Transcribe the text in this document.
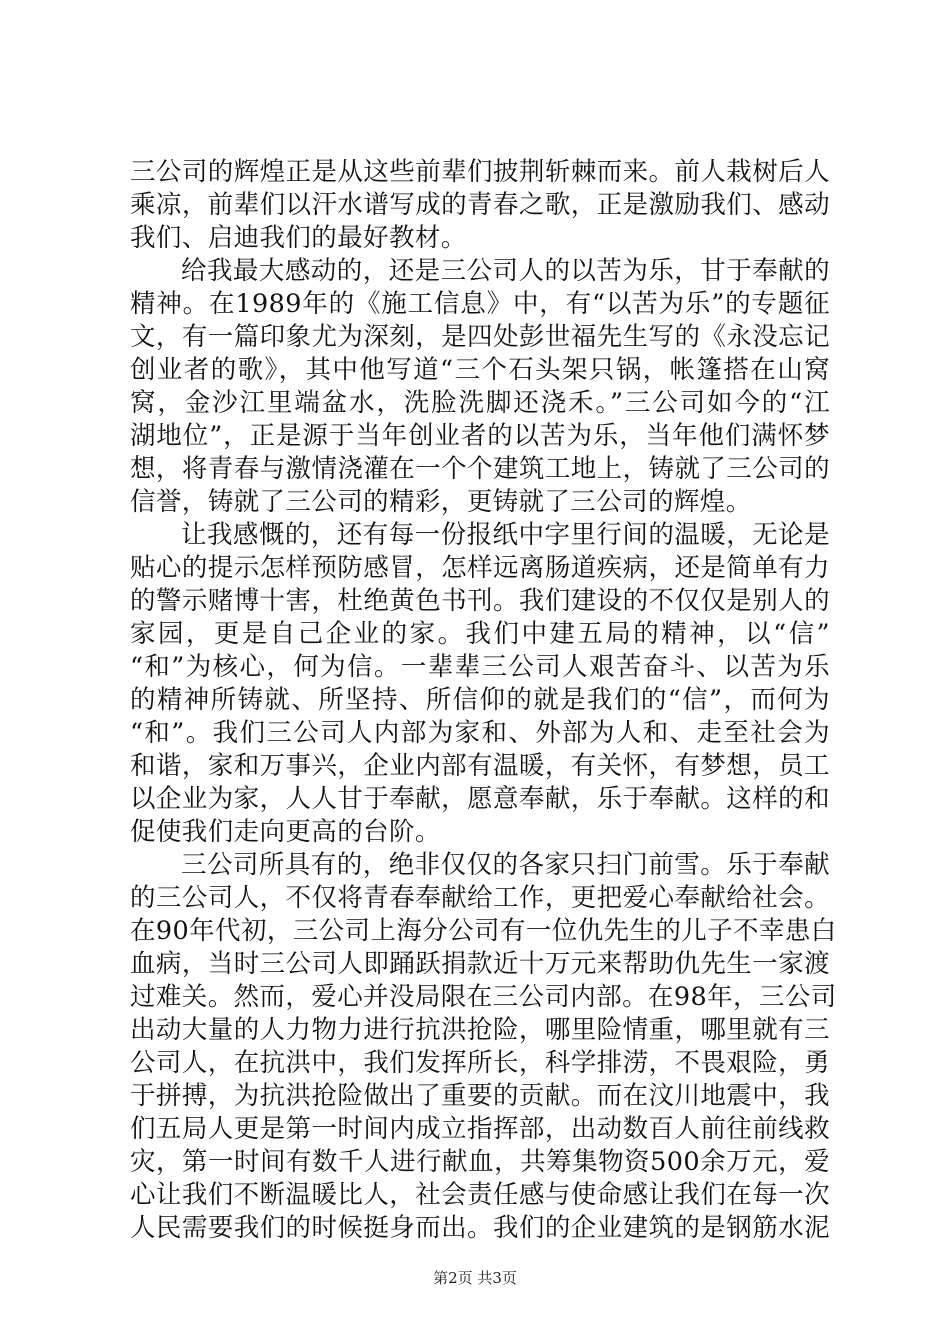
三公司的辉煌正是从这些前辈们披荆斩棘而来。前人栽树后人
乘凉，前辈们以汗水谱写成的青春之歌，正是激励我们、感动
我们、启迪我们的最好教材。
给我最大感动的，还是三公司人的以苦为乐，甘于奉献的
精神。在1989年的《施工信息》中，有“以苦为乐”的专题征
文，有一篇印象尤为深刻，是四处彭世福先生写的《永没忘记
创业者的歌》，其中他写道“三个石头架只锅，帐篷搭在山窝
窝，金沙江里端盆水，洗脸洗脚还浇禾。”三公司如今的“江
湖地位”，正是源于当年创业者的以苦为乐，当年他们满怀梦
想，将青春与激情浇灌在一个个建筑工地上，铸就了三公司的
信誉，铸就了三公司的精彩，更铸就了三公司的辉煌。
让我感慨的，还有每一份报纸中字里行间的温暖，无论是
贴心的提示怎样预防感冒，怎样远离肠道疾病，还是简单有力
的警示赌博十害，杜绝黄色书刊。我们建设的不仅仅是别人的
家园，更是自己企业的家。我们中建五局的精神，以“信”
“和”为核心，何为信。一辈辈三公司人艰苦奋斗、以苦为乐
的精神所铸就、所坚持、所信仰的就是我们的“信”，而何为
“和”。我们三公司人内部为家和、外部为人和、走至社会为
和谐，家和万事兴，企业内部有温暖，有关怀，有梦想，员工
以企业为家，人人甘于奉献，愿意奉献，乐于奉献。这样的和
促使我们走向更高的台阶。
三公司所具有的，绝非仅仅的各家只扫门前雪。乐于奉献
的三公司人，不仅将青春奉献给工作，更把爱心奉献给社会。
在90年代初，三公司上海分公司有一位仇先生的儿子不幸患白
血病，当时三公司人即踊跃捐款近十万元来帮助仇先生一家渡
过难关。然而，爱心并没局限在三公司内部。在98年，三公司
出动大量的人力物力进行抗洪抢险，哪里险情重，哪里就有三
公司人，在抗洪中，我们发挥所长，科学排涝，不畏艰险，勇
于拼搏，为抗洪抢险做出了重要的贡献。而在汶川地震中，我
们五局人更是第一时间内成立指挥部，出动数百人前往前线救
灾，第一时间有数千人进行献血，共筹集物资500余万元，爱
心让我们不断温暖比人，社会责任感与使命感让我们在每一次
人民需要我们的时候挺身而出。我们的企业建筑的是钢筋水泥
第2页 共3页
